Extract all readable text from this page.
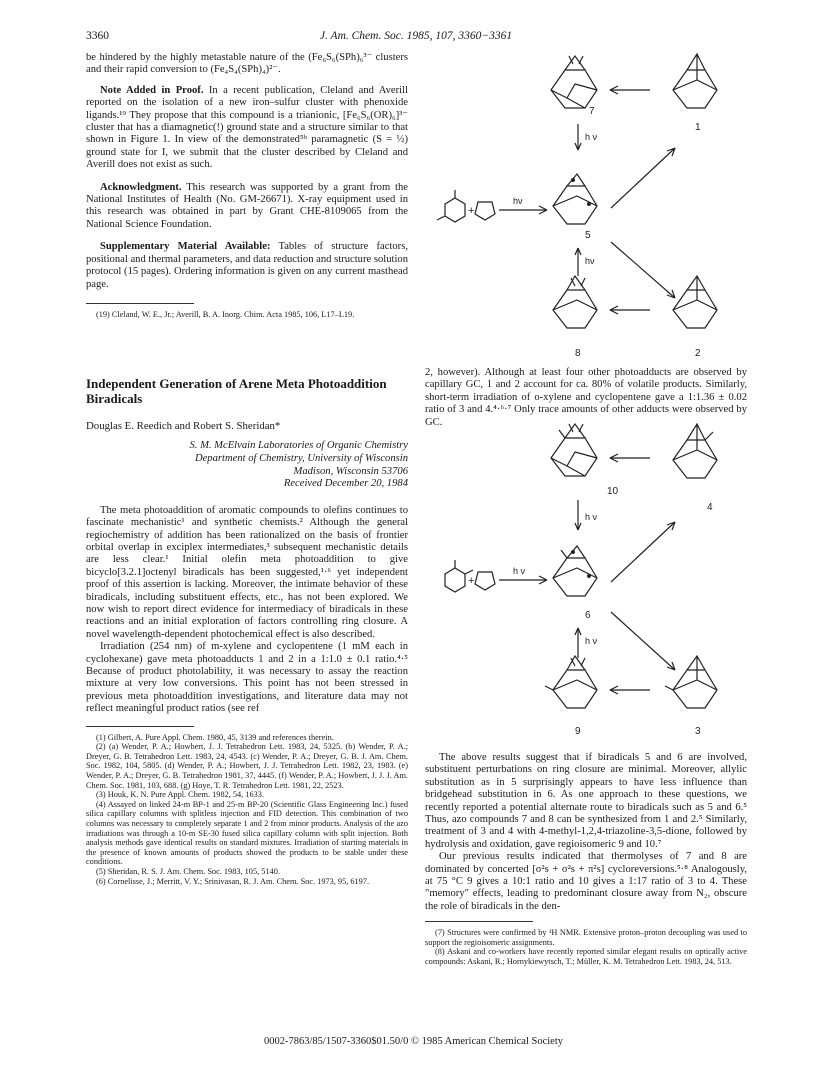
3360	J. Am. Chem. Soc. 1985, 107, 3360−3361

be hindered by the highly metastable nature of the (Fe₆S₆(SPh)₆³⁻ clusters and their rapid conversion to (Fe₄S₄(SPh)₄)²⁻.

Note Added in Proof. In a recent publication, Cleland and Averill reported on the isolation of a new iron–sulfur cluster with phenoxide ligands.¹⁹ They propose that this compound is a trianionic, [Fe₆S₆(OR)₆]³⁻ cluster that has a diamagnetic(!) ground state and a structure similar to that shown in Figure 1. In view of the demonstrated⁵ᵇ paramagnetic (S = ½) ground state for I, we submit that the cluster described by Cleland and Averill does not exist as such.

Acknowledgment. This research was supported by a grant from the National Institutes of Health (No. GM-26671). X-ray equipment used in this research was obtained in part by Grant CHE-8109065 from the National Science Foundation.

Supplementary Material Available: Tables of structure factors, positional and thermal parameters, and data reduction and structure solution protocol (15 pages). Ordering information is given on any current masthead page.

(19) Cleland, W. E., Jr.; Averill, B. A. Inorg. Chim. Acta 1985, 106, L17–L19.

Independent Generation of Arene Meta Photoaddition Biradicals
Douglas E. Reedich and Robert S. Sheridan*
S. M. McElvain Laboratories of Organic Chemistry
Department of Chemistry, University of Wisconsin
Madison, Wisconsin 53706
Received December 20, 1984

The meta photoaddition of aromatic compounds to olefins continues to fascinate mechanistic¹ and synthetic chemists.² Although the general regiochemistry of addition has been rationalized on the basis of frontier orbital overlap in exciplex intermediates,³ subsequent mechanistic details are less clear.¹ Initial olefin meta photoaddition to give bicyclo[3.2.1]octenyl biradicals has been suggested,¹·⁶ yet independent proof of this assertion is lacking. Moreover, the intimate behavior of these biradicals, including substituent effects, etc., has not been explored. We now wish to report direct evidence for intermediacy of biradicals in these reactions and an initial exploration of factors controlling ring closure. A novel wavelength-dependent photochemical effect is also described.

Irradiation (254 nm) of m-xylene and cyclopentene (1 mM each in cyclohexane) gave meta photoadducts 1 and 2 in a 1:1.0 ± 0.1 ratio.⁴·⁵ Because of product photolability, it was necessary to assay the reaction mixture at very low conversions. This point has not been stressed in previous meta photoaddition investigations, and literature data may not reflect meaningful product ratios (see ref

(1) Gilbert, A. Pure Appl. Chem. 1980, 45, 3139 and references therein.

(2) (a) Wender, P. A.; Howbert, J. J. Tetrahedron Lett. 1983, 24, 5325. (b) Wender, P. A.; Dreyer, G. B. Tetrahedron Lett. 1983, 24, 4543. (c) Wender, P. A.; Dreyer, G. B. J. Am. Chem. Soc. 1982, 104, 5805. (d) Wender, P. A.; Howbert, J. J. Tetrahedron Lett. 1982, 23, 1983. (e) Wender, P. A.; Dreyer, G. B. Tetrahedron 1981, 37, 4445. (f) Wender, P. A.; Howbert, J. J. J. Am. Chem. Soc. 1981, 103, 688. (g) Hoye, T. R. Tetrahedron Lett. 1981, 22, 2523.

(3) Houk, K. N. Pure Appl. Chem. 1982, 54, 1633.

(4) Assayed on linked 24-m BP-1 and 25-m BP-20 (Scientific Glass Engineering Inc.) fused silica capillary columns with splitless injection and FID detection. This combination of two columns was necessary to completely separate 1 and 2 from minor products. Analysis of the azo irradiations was through a 10-m SE-30 fused silica capillary column with split injection. Both analysis methods gave identical results on standard mixtures. Irradiation of starting materials in the presence of known amounts of products showed the products to be stable under these conditions.

(5) Sheridan, R. S. J. Am. Chem. Soc. 1983, 105, 5140.

(6) Cornelisse, J.; Merritt, V. Y.; Srinivasan, R. J. Am. Chem. Soc. 1973, 95, 6197.

7
1
h ν
+
hν
5
hν
8	2

2, however). Although at least four other photoadducts are observed by capillary GC, 1 and 2 account for ca. 80% of volatile products. Similarly, short-term irradiation of o-xylene and cyclopentene gave a 1:1.36 ± 0.02 ratio of 3 and 4.⁴·⁶·⁷ Only trace amounts of other adducts were observed by GC.

10
4
h ν
+
h ν
6
h ν
9	3

The above results suggest that if biradicals 5 and 6 are involved, substituent perturbations on ring closure are minimal. Moreover, allylic substitution as in 5 surprisingly appears to have less influence than bridgehead substitution in 6. As one approach to these questions, we recently reported a potential alternate route to biradicals such as 5 and 6.⁵ Thus, azo compounds 7 and 8 can be synthesized from 1 and 2.⁵ Similarly, treatment of 3 and 4 with 4-methyl-1,2,4-triazoline-3,5-dione, followed by hydrolysis and oxidation, gave regioisomeric 9 and 10.⁷

Our previous results indicated that thermolyses of 7 and 8 are dominated by concerted [σ²s + σ²s + π²s] cycloreversions.⁵·⁸ Analogously, at 75 °C 9 gives a 10:1 ratio and 10 gives a 1:17 ratio of 3 to 4. These "memory" effects, leading to predominant closure away from N₂, obscure the role of biradicals in the den-

(7) Structures were confirmed by ¹H NMR. Extensive proton–proton decoupling was used to support the regioisomeric assignments.

(8) Askani and co-workers have recently reported similar elegant results on optically active compounds: Askani, R.; Hornykiewytsch, T.; Müller, K. M. Tetrahedron Lett. 1983, 24, 513.

0002-7863/85/1507-3360$01.50/0 © 1985 American Chemical Society
